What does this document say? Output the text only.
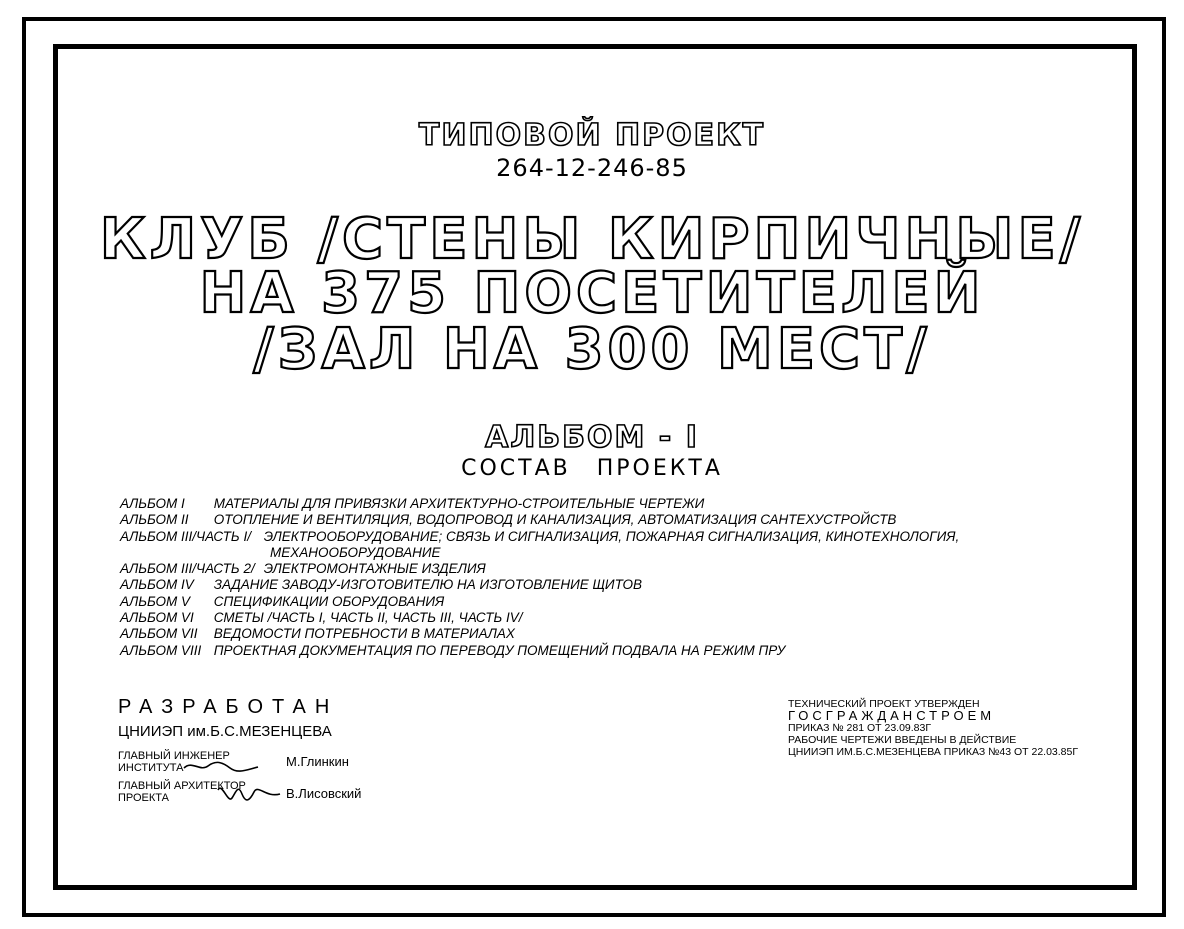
ТИПОВОЙ ПРОЕКТ
264-12-246-85
КЛУБ /СТЕНЫ КИРПИЧНЫЕ/
НА 375 ПОСЕТИТЕЛЕЙ
/ЗАЛ НА 300 МЕСТ/
АЛЬБОМ - I
СОСТАВ ПРОЕКТА
АЛЬБОМ I МАТЕРИАЛЫ ДЛЯ ПРИВЯЗКИ АРХИТЕКТУРНО-СТРОИТЕЛЬНЫЕ ЧЕРТЕЖИ
АЛЬБОМ II ОТОПЛЕНИЕ И ВЕНТИЛЯЦИЯ, ВОДОПРОВОД И КАНАЛИЗАЦИЯ, АВТОМАТИЗАЦИЯ САНТЕХУСТРОЙСТВ
АЛЬБОМ III/ЧАСТЬ I/ ЭЛЕКТРООБОРУДОВАНИЕ; СВЯЗЬ И СИГНАЛИЗАЦИЯ, ПОЖАРНАЯ СИГНАЛИЗАЦИЯ, КИНОТЕХНОЛОГИЯ,
МЕХАНООБОРУДОВАНИЕ
АЛЬБОМ III/ЧАСТЬ 2/ ЭЛЕКТРОМОНТАЖНЫЕ ИЗДЕЛИЯ
АЛЬБОМ IV ЗАДАНИЕ ЗАВОДУ-ИЗГОТОВИТЕЛЮ НА ИЗГОТОВЛЕНИЕ ЩИТОВ
АЛЬБОМ V СПЕЦИФИКАЦИИ ОБОРУДОВАНИЯ
АЛЬБОМ VI СМЕТЫ /ЧАСТЬ I, ЧАСТЬ II, ЧАСТЬ III, ЧАСТЬ IV/
АЛЬБОМ VII ВЕДОМОСТИ ПОТРЕБНОСТИ В МАТЕРИАЛАХ
АЛЬБОМ VIII ПРОЕКТНАЯ ДОКУМЕНТАЦИЯ ПО ПЕРЕВОДУ ПОМЕЩЕНИЙ ПОДВАЛА НА РЕЖИМ ПРУ
РАЗРАБОТАН
ЦНИИЭП им.Б.С.МЕЗЕНЦЕВА
ГЛАВНЫЙ ИНЖЕНЕР
ИНСТИТУТА	М.Глинкин
ГЛАВНЫЙ АРХИТЕКТОР
ПРОЕКТА	В.Лисовский
ТЕХНИЧЕСКИЙ ПРОЕКТ УТВЕРЖДЕН
ГОСГРАЖДАНСТРОЕМ
ПРИКАЗ № 281 ОТ 23.09.83Г
РАБОЧИЕ ЧЕРТЕЖИ ВВЕДЕНЫ В ДЕЙСТВИЕ
ЦНИИЭП ИМ.Б.С.МЕЗЕНЦЕВА ПРИКАЗ №43 ОТ 22.03.85Г
